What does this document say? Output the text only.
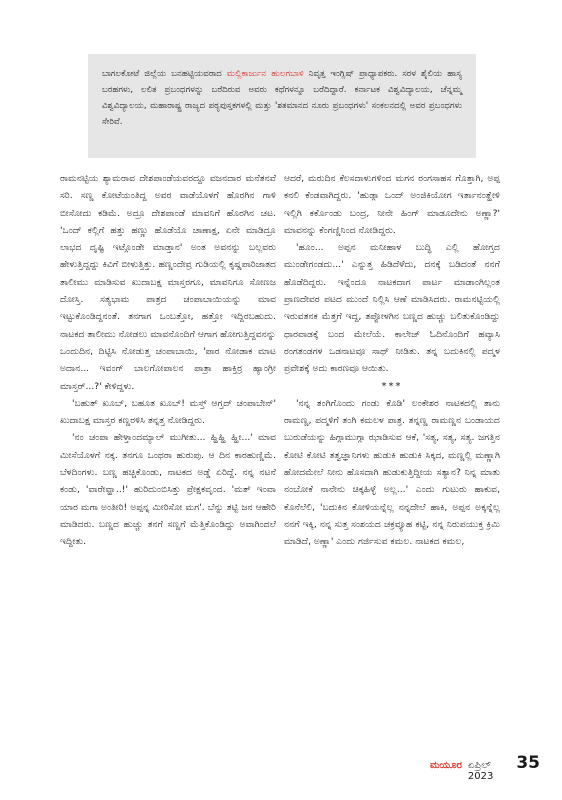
ಬಾಗಲಕೋಟೆ ಜಿಲ್ಲೆಯ ಬನಹಟ್ಟಿಯವರಾದ ಮಲ್ಲಿಕಾರ್ಜುನ ಹುಲಗಬಾಳಿ ನಿವೃತ್ತ ಇಂಗ್ಲಿಷ್ ಪ್ರಾಧ್ಯಾಪಕರು. ಸರಳ ಶೈಲಿಯ ಹಾಸ್ಯ ಬರಹಗಳು, ಲಲಿತ ಪ್ರಬಂಧಗಳನ್ನು ಬರೆದಿರುವ ಅವರು ಕಥೆಗಳನ್ನೂ ಬರೆದಿದ್ದಾರೆ. ಕರ್ನಾಟಕ ವಿಶ್ವವಿದ್ಯಾಲಯ, ಚೆನ್ನಮ್ಮ ವಿಶ್ವವಿದ್ಯಾಲಯ, ಮಹಾರಾಷ್ಟ್ರ ರಾಜ್ಯದ ಪಠ್ಯಪುಸ್ತಕಗಳಲ್ಲಿ ಮತ್ತು 'ಶತಮಾನದ ನೂರು ಪ್ರಬಂಧಗಳು' ಸಂಕಲನದಲ್ಲಿ ಅವರ ಪ್ರಬಂಧಗಳು ಸೇರಿವೆ.

ರಾಮನಟ್ಟಿಯ ಶ್ಯಾಮರಾವ ದೇಶಪಾಂಡೆಯವರದ್ದೂ ವಜನದಾರ ಮನೆತನವೆ ಸರಿ. ಸಣ್ಣ ಕೋಟೆಯಂತಿದ್ದ ಅವರ ವಾಡೆಯೊಳಗೆ ಹೊರಗಿನ ಗಾಳಿ ಬೀಸೋದು ಕಡಿಮೆ. ಅದ್ರೂ ದೇಶಪಾಂಡೆ ಮಾವನಿಗೆ ಹೊರಗಿನ ಚಟ. 'ಒಂದ್ ಕಲ್ಲಿಗೆ ಹತ್ತು ಹಣ್ಣು ಹೊಡೆಯೊ ಚಾಣಾಕ್ಷ, ಏನೇ ಮಾಡಿದ್ರೂ ಲಾಭದ ದೃಷ್ಟಿ ಇಟ್ಗೊಂಡೇ ಮಾಡ್ತಾನ' ಅಂತ ಅವನನ್ನು ಬಲ್ಲವರು ಹೇಳುತ್ತಿದ್ದದ್ದು ಕಿವಿಗೆ ಬೀಳುತ್ತಿತ್ತು. ಹಣ್ಣಂದೇವ್ರ ಗುಡಿಯಲ್ಲಿ ಕೃಷ್ಣಪಾರಿಜಾತದ ತಾಲೀಮು ಮಾಡಿಸುವ ಖುದಾಬಕ್ಷ ಮಾಸ್ತರಗೂ, ಮಾವನಿಗೂ ಸೋಣಜ ದೋಸ್ತಿ. ಸತ್ಯಭಾಮ ಪಾತ್ರದ ಚಂಪಾಬಾಯಿಯನ್ನು ಮಾವ ಇಟ್ಟುಕೊಂಡಿದ್ದನಂತೆ. ತನಗಾಗ ಒಂಬತ್ತೋ, ಹತ್ತೋ ಇದ್ದಿರಬಹುದು. ನಾಟಕದ ತಾಲೀಮು ನೋಡಲು ಮಾವನೊಂದಿಗೆ ಆಗಾಗ ಹೋಗುತ್ತಿದ್ದವನನ್ನು ಒಂದುದಿನ, ದಿಟ್ಟಿಸಿ ನೋಡುತ್ತ ಚಂಪಾಬಾಯಿ, 'ಪಾರ ನೋಡಾಕ ಮಾಟ ಅದಾನ... ಇವಂಗ್ ಬಾಲಗೋಪಾಲನ ಪಾತ್ರಾ ಹಾಕ್ತಿರ್ರ ಹ್ಯಾಂಗ್ರೀ ಮಾಸ್ತರ್...?' ಕೇಳಿದ್ದಳು.

'ಬಹುತ್ ಖೂಬ್, ಬಹೂತ ಖೂಬ್! ಮಸ್ತ್ ಆಗ್ತದ್ ಚಂಪಾಬೇನ್' ಖುದಾಬಕ್ಷ ಮಾಸ್ತರ ಕಣ್ಣರಳಿಸಿ ತನ್ನತ್ತ ನೋಡಿದ್ದರು.

'ನಂ ಚಂಪಾ ಹೇಳ್ತಾಂದಮ್ಯಾಲ್ ಮುಗೀತು... ಹ್ಹಿಹ್ಹಿ ಹ್ಹೀ...' ಮಾವ ಮೀಸೆಯೊಳಗೆ ನಕ್ಕ. ತನಗೂ ಒಂಥರಾ ಹುರುಪು. ಆ ದಿನ ಕಾರಹುಣ್ಣಿಮೆ. ಬೆಳದಿಂಗಳು. ಬಣ್ಣ ಹಚ್ಚಿಕೊಂಡು, ನಾಟಕದ ಅಡ್ಡೆ ಏರಿದ್ದೆ. ನನ್ನ ನಟನೆ ಕಂಡು, 'ವಾರೇವ್ಹಾ..!' ಹುರಿದುಂಬಿಸಿತ್ತು ಪ್ರೇಕ್ಷಕವೃಂದ. 'ಮತ್ ಇಂವಾ ಯಾರ ಮಗಾ ಅಂತೀರಿ! ಅಪ್ಪನ್ನ ಮೀರಿಸೋ ಮಗ'. ಬೆನ್ನು ತಟ್ಟಿ ಜನ ಆಹೇರಿ ಮಾಡಿದರು. ಬಣ್ಣದ ಹುಚ್ಚು ತನಗೆ ಸಣ್ಣಗೆ ಮೆತ್ತಿಕೊಂಡಿದ್ದು ಅವಾಗಿಂದಲೆ ಇದ್ದೀತು.

ಆದರೆ, ಮರುದಿನ ಕೆಲಸದಾಳುಗಳಿಂದ ಮಗನ ರಂಗಸಾಹಸ ಗೊತ್ತಾಗಿ, ಅಪ್ಪ ಕನಲಿ ಕೆಂಡವಾಗಿದ್ದರು. 'ಹುಡ್ಗಾ ಒಂದ್ ಅಂಜಿಕಿಯೋಗ ಇರ್ತಾನಂತ್ಹೇಳಿ ಇಲ್ಲಿಗಿ ಕರ್ಕೊಂಡು ಬಂದ್ರ, ನೀನೇ ಹಿಂಗ್ ಮಾಡೂದೇನು ಅಣ್ಣಾ?' ಮಾವನನ್ನು ಕೆಂಗಣ್ಣಿನಿಂದ ನೋಡಿದ್ದರು.

'ಹೂಂ... ಅಪ್ಪನ ಮನೀಹಾಳ ಬುದ್ಧಿ ಎಲ್ಲಿ ಹೋಗ್ತದ ಮುಂಡೇಗಂಡದು...' ಎನ್ನುತ್ತ ಹಿಡಿದೆಳೆದು, ದನಕ್ಕೆ ಬಡಿದಂತೆ ನನಗೆ ಹೊಡೆದಿದ್ದರು. ಇನ್ನೆಂದೂ ನಾಟಕದಾಗ ಪಾರ್ಟ ಮಾಡಾಂಗಿಲ್ಲಂತ ಪ್ರಾಣದೇವರ ಪಟದ ಮುಂದೆ ನಿಲ್ಲಿಸಿ ಆಣೆ ಮಾಡಿಸಿದರು. ರಾಮನಟ್ಟಿಯಲ್ಲಿ ಇರುವತನಕ ಮೆತ್ತಗೆ ಇದ್ದ, ತಪ್ಪೋಳಗಿನ ಬಣ್ಣದ ಹುಚ್ಚು ಬಲಿತುಕೊಂಡಿದ್ದು ಧಾರವಾಡಕ್ಕೆ ಬಂದ ಮೇಲೆಯೆ. ಕಾಲೇಜ್ ಓದಿನೊಂದಿಗೆ ಹವ್ಯಾಸಿ ರಂಗತಂಡಗಳ ಒಡನಾಟವೂ ಸಾಥ್ ನೀಡಿತು. ತನ್ನ ಬದುಕಿನಲ್ಲಿ ಪದ್ಮಳ ಪ್ರವೇಶಕ್ಕೆ ಅದು ಕಾರಣವೂ ಆಯಿತು.

***

'ನನ್ನ ತಂಗಿಗೊಂದು ಗಂಡು ಕೊಡಿ' ಲಂಕೇಶರ ನಾಟಕದಲ್ಲಿ ತಾನು ರಾಮಣ್ಣ, ಪದ್ಮಳಿಗೆ ತಂಗಿ ಕಮಲಳ ಪಾತ್ರ. ತನ್ನಣ್ಣ ರಾಮಣ್ಣನ ಬಂಡಾಯದ ಬುರುಡೆಯನ್ನು ಹಿಗ್ಗಾಮುಗ್ಗಾ ಝಾಡಿಸುವ ಆಕೆ, 'ಸತ್ಯ, ಸತ್ಯ, ಸತ್ಯ. ಜಗತ್ತಿನ ಕೋಟಿ ಕೋಟಿ ತತ್ವಜ್ಞಾನಿಗಳು ಹುಡುಕಿ ಹುಡುಕಿ ಸಿಕ್ಕದ, ಮಣ್ಣಲ್ಲಿ ಮಣ್ಣಾಗಿ ಹೋದಮೇಲೆ ನೀನು ಹೊಸದಾಗಿ ಹುಡುಕುತ್ತಿದ್ದೀಯ ಸತ್ಯಾನ? ನಿನ್ನ ಮಾತು ನಂಬೋಕೆ ನಾನೇನು ಚಿಕ್ಕಹಿಳ್ಳೆ ಅಲ್ಲ...' ಎಂದು ಗುಟುರು ಹಾಕುವ, ಕೊನೆಲೆಲಿ, 'ಬದುಕಿನ ಕೋಳಿಯನ್ನೆಲ್ಲ ನನ್ನದೇಲೆ ಹಾಕಿ, ಅಪ್ಪನ ಅಕ್ಕನ್ನೆಲ್ಲ ನನಗೆ ಇಕ್ಕಿ, ನನ್ನ ಸುತ್ತ ಸಂಶಯದ ಚಕ್ರವ್ಯೂಹ ಕಟ್ಟಿ, ನನ್ನ ನಿರುಪಯುಕ್ತ ಕ್ರಿಮಿ ಮಾಡಿದೆ, ಅಣ್ಣಾ' ಎಂದು ಗರ್ಜಿಸುವ ಕಮಲ. ನಾಟಕದ ಕಮಲ,

ಮಯೂರ ಏಪ್ರಿಲ್ 2023
35
